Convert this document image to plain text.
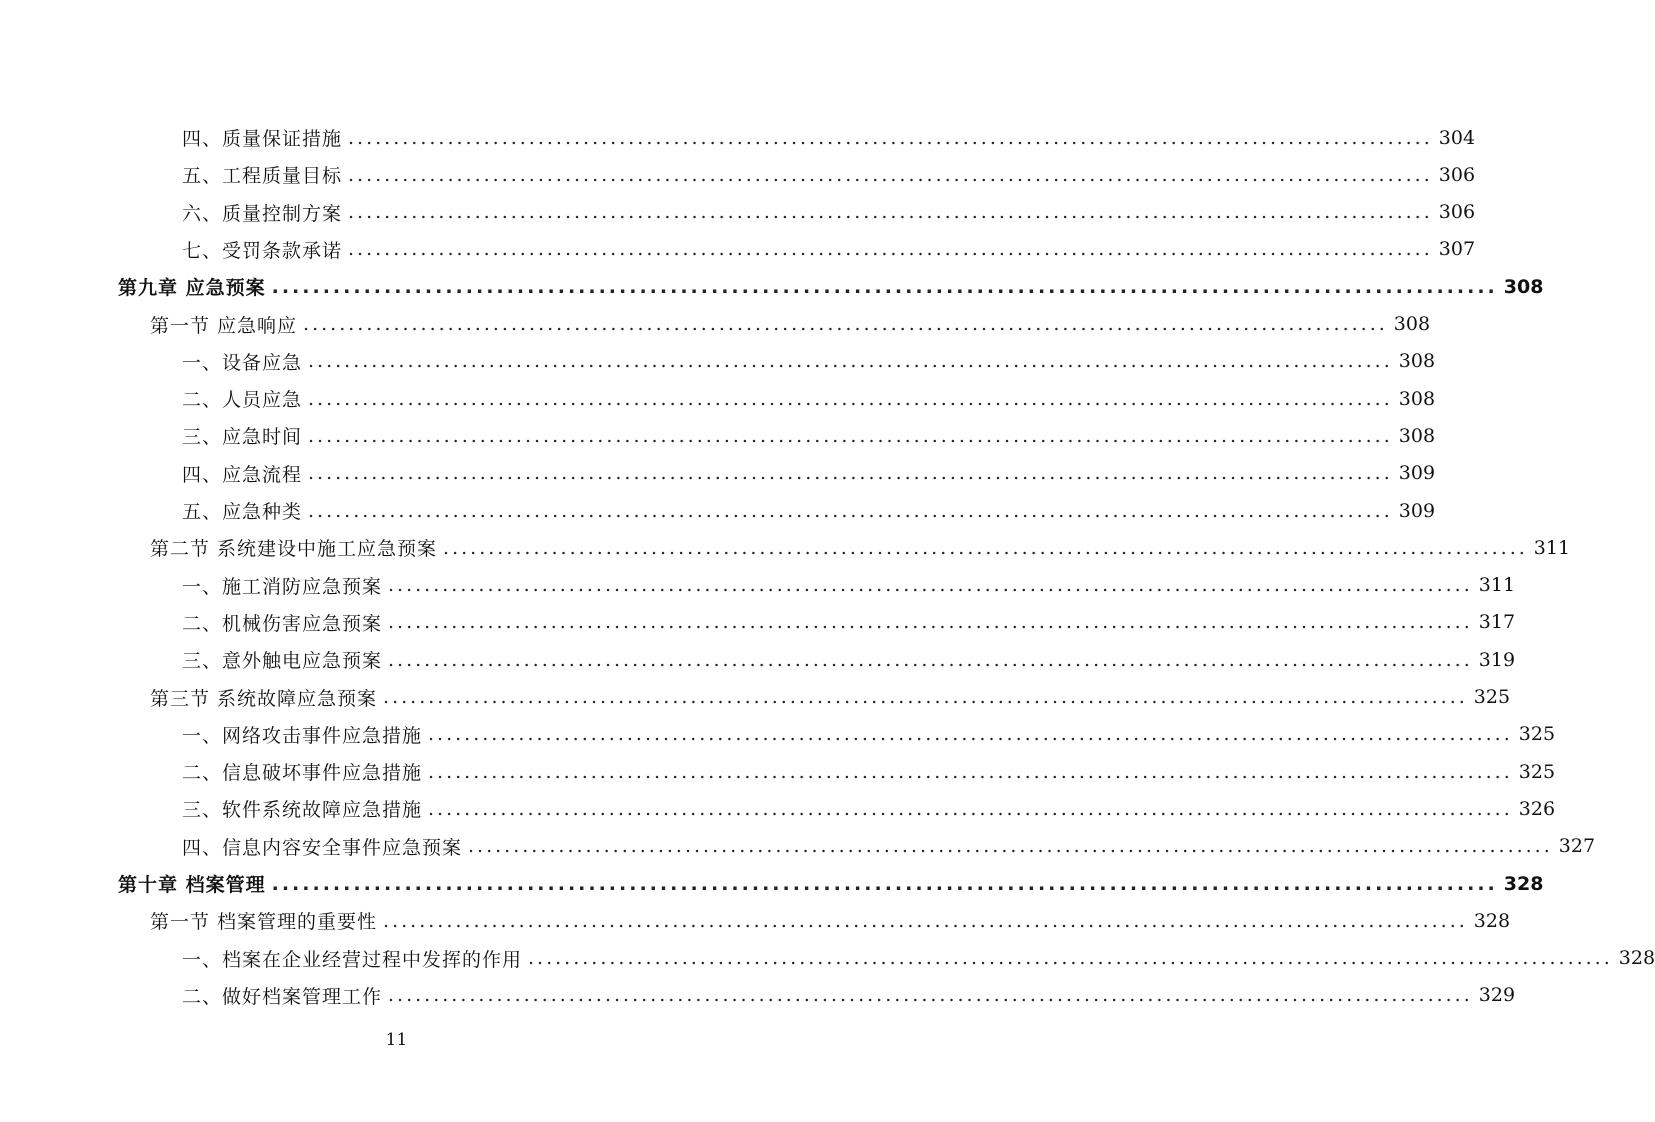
四、质量保证措施 ........................................................................................................................ 304
五、工程质量目标 ........................................................................................................................ 306
六、质量控制方案 ........................................................................................................................ 306
七、受罚条款承诺 ........................................................................................................................ 307
第九章 应急预案 ........................................................................................................................ 308
第一节 应急响应 ........................................................................................................................ 308
一、设备应急 ........................................................................................................................ 308
二、人员应急 ........................................................................................................................ 308
三、应急时间 ........................................................................................................................ 308
四、应急流程 ........................................................................................................................ 309
五、应急种类 ........................................................................................................................ 309
第二节 系统建设中施工应急预案 ........................................................................................................................ 311
一、施工消防应急预案 ........................................................................................................................ 311
二、机械伤害应急预案 ........................................................................................................................ 317
三、意外触电应急预案 ........................................................................................................................ 319
第三节 系统故障应急预案 ........................................................................................................................ 325
一、网络攻击事件应急措施 ........................................................................................................................ 325
二、信息破坏事件应急措施 ........................................................................................................................ 325
三、软件系统故障应急措施 ........................................................................................................................ 326
四、信息内容安全事件应急预案 ........................................................................................................................ 327
第十章 档案管理 ........................................................................................................................ 328
第一节 档案管理的重要性 ........................................................................................................................ 328
一、档案在企业经营过程中发挥的作用 ........................................................................................................................ 328
二、做好档案管理工作 ........................................................................................................................ 329
11
